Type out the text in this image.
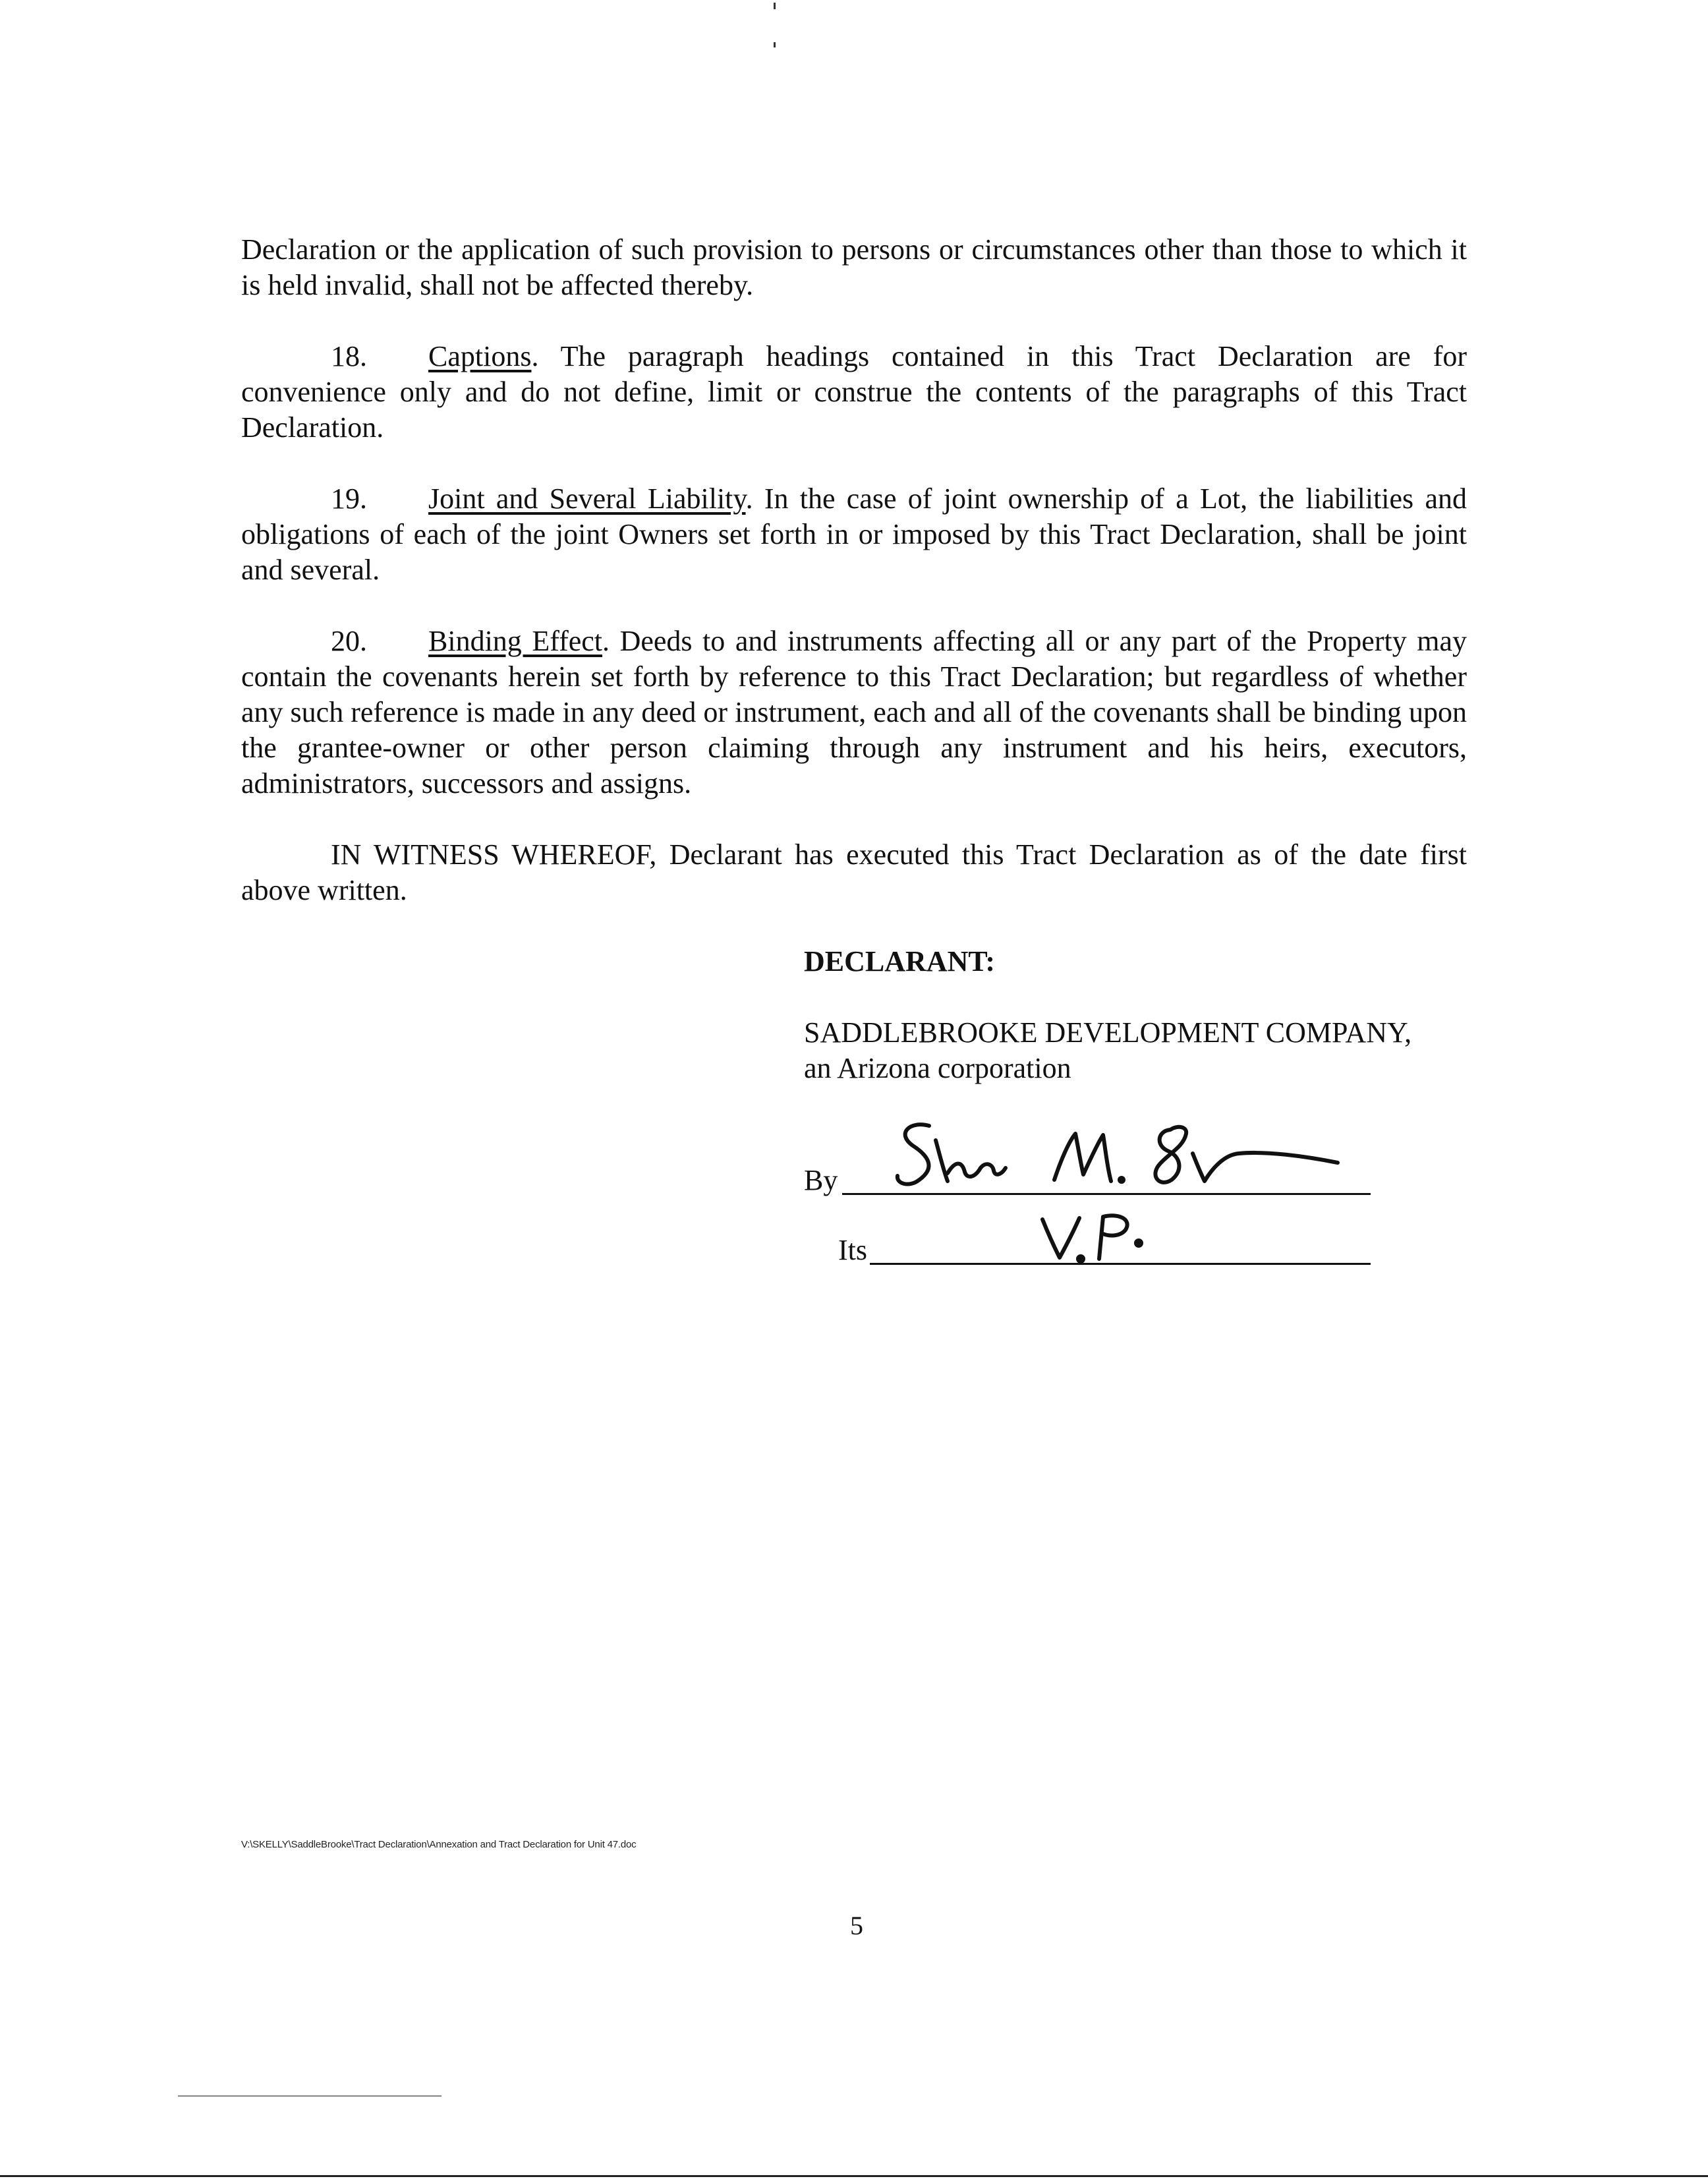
Declaration or the application of such provision to persons or circumstances other than those to which it is held invalid, shall not be affected thereby.

18. Captions. The paragraph headings contained in this Tract Declaration are for convenience only and do not define, limit or construe the contents of the paragraphs of this Tract Declaration.

19. Joint and Several Liability. In the case of joint ownership of a Lot, the liabilities and obligations of each of the joint Owners set forth in or imposed by this Tract Declaration, shall be joint and several.

20. Binding Effect. Deeds to and instruments affecting all or any part of the Property may contain the covenants herein set forth by reference to this Tract Declaration; but regardless of whether any such reference is made in any deed or instrument, each and all of the covenants shall be binding upon the grantee-owner or other person claiming through any instrument and his heirs, executors, administrators, successors and assigns.

IN WITNESS WHEREOF, Declarant has executed this Tract Declaration as of the date first above written.

DECLARANT:
SADDLEBROOKE DEVELOPMENT COMPANY,
an Arizona corporation
By
Its
V:\SKELLY\SaddleBrooke\Tract Declaration\Annexation and Tract Declaration for Unit 47.doc
5
